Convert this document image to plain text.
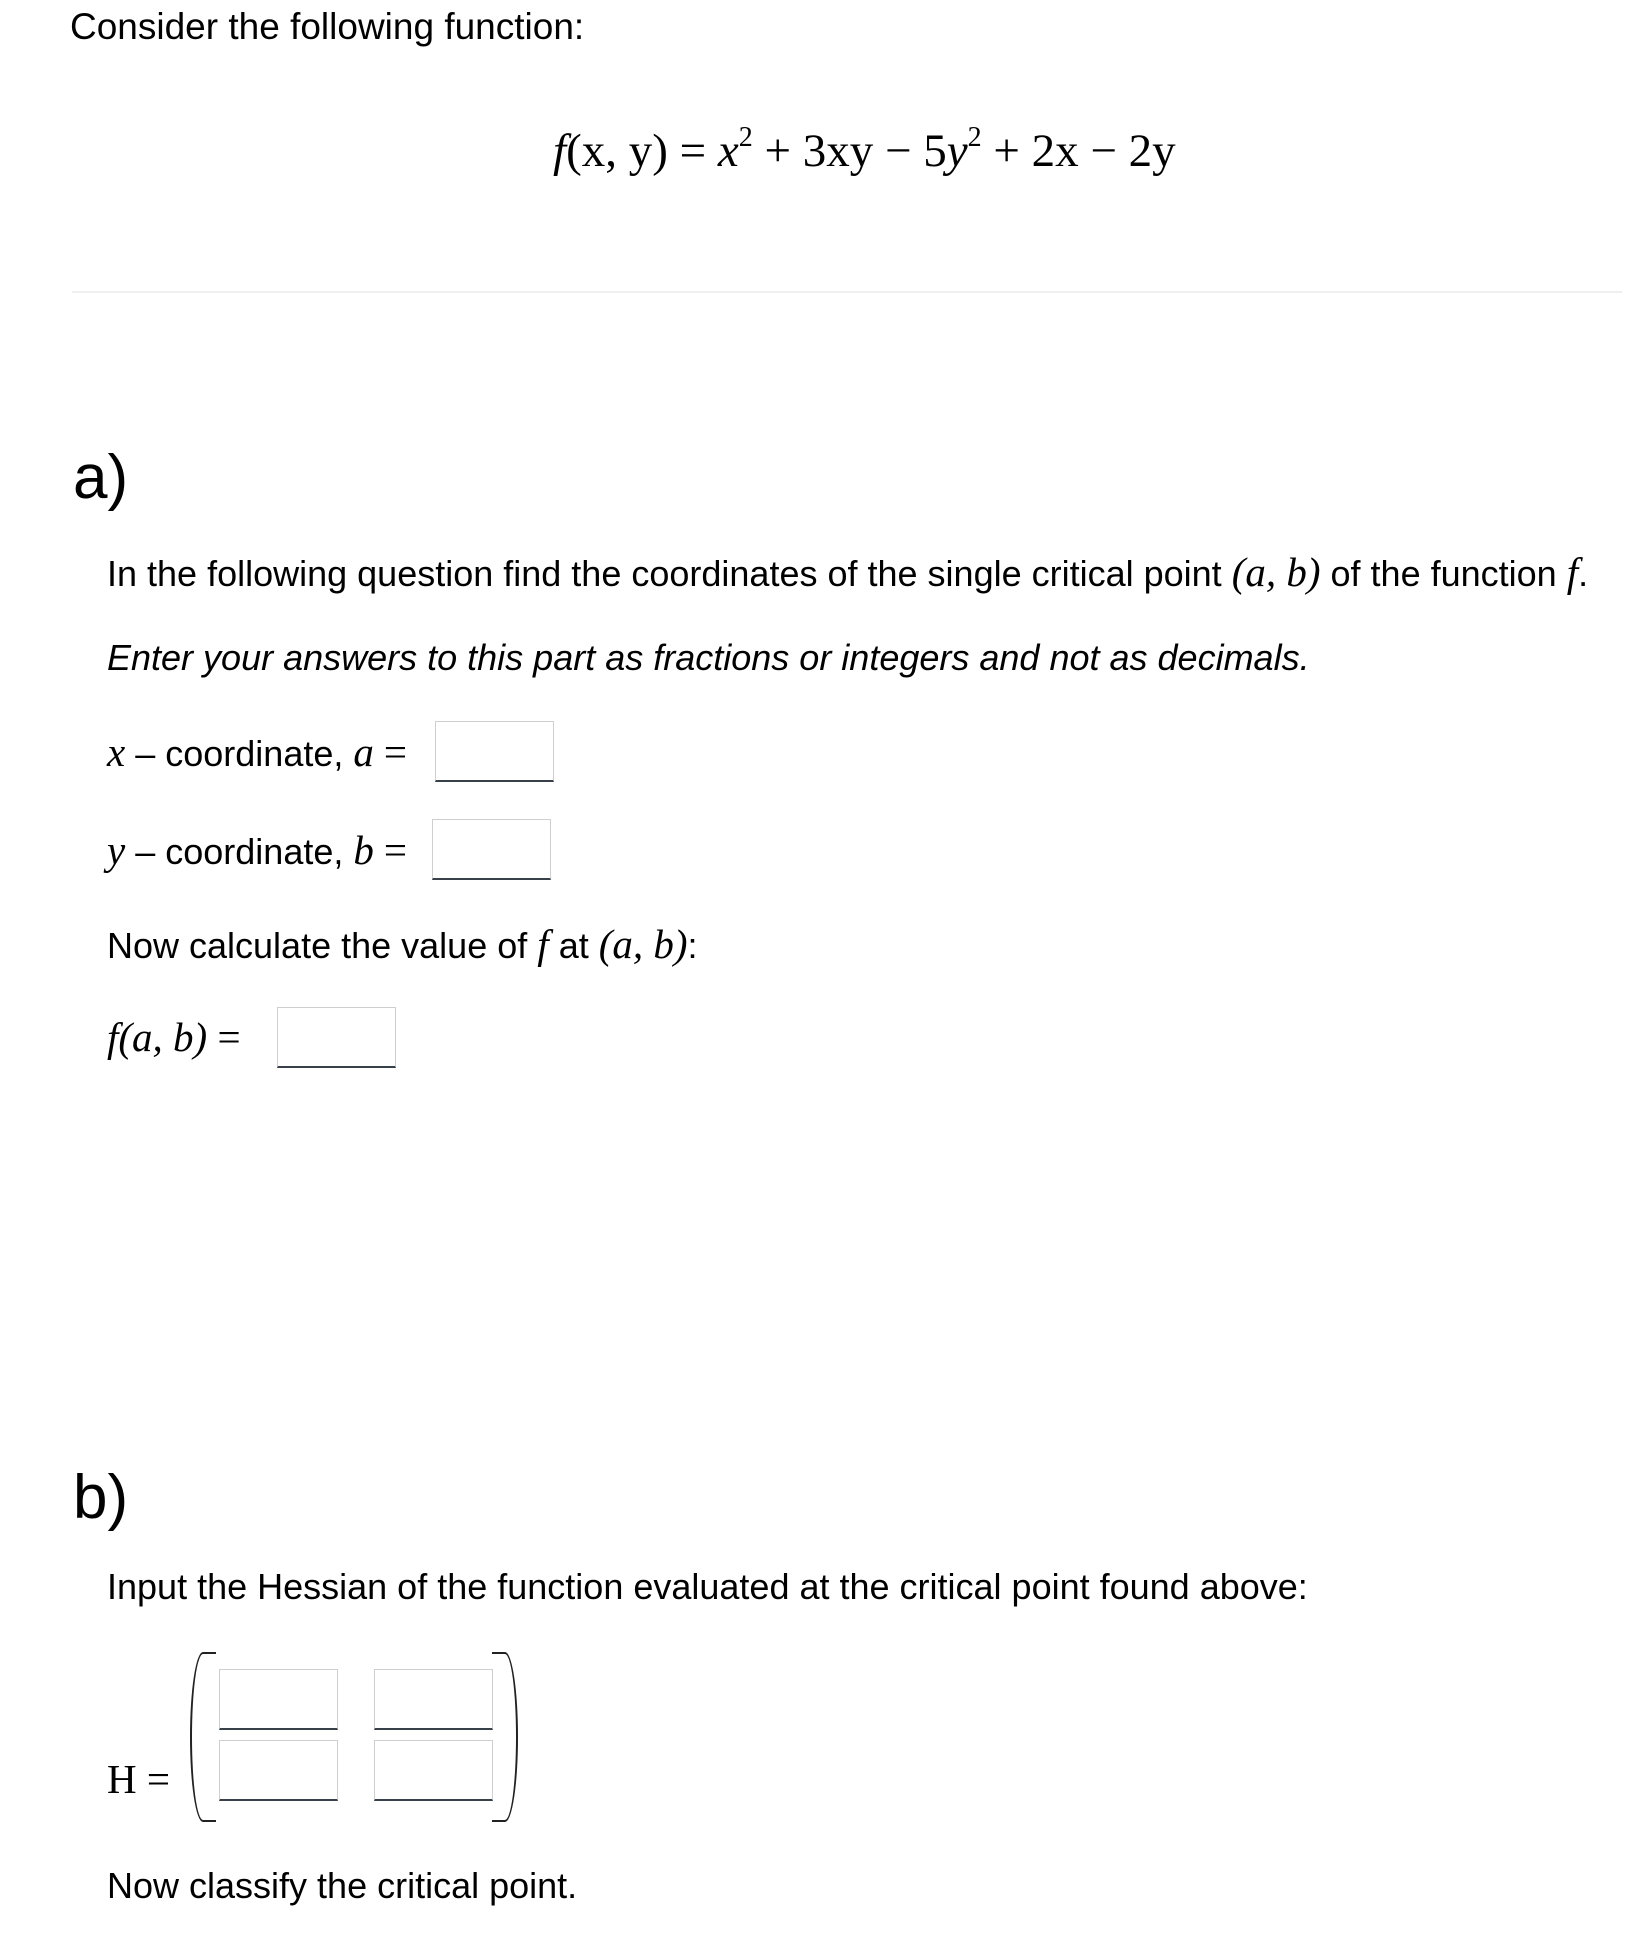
Consider the following function:
f(x, $y) = x^2 + 3xy - 5y^2 + 2x - 2y$
a)
In the following question find the coordinates of the single critical point (a, b) of the function f.
Enter your answers to this part as fractions or integers and not as decimals.
x – coordinate, a =
y – coordinate, b =
Now calculate the value of f at (a, b):
f(a, b) =
b)
Input the Hessian of the function evaluated at the critical point found above:
H =
Now classify the critical point.
